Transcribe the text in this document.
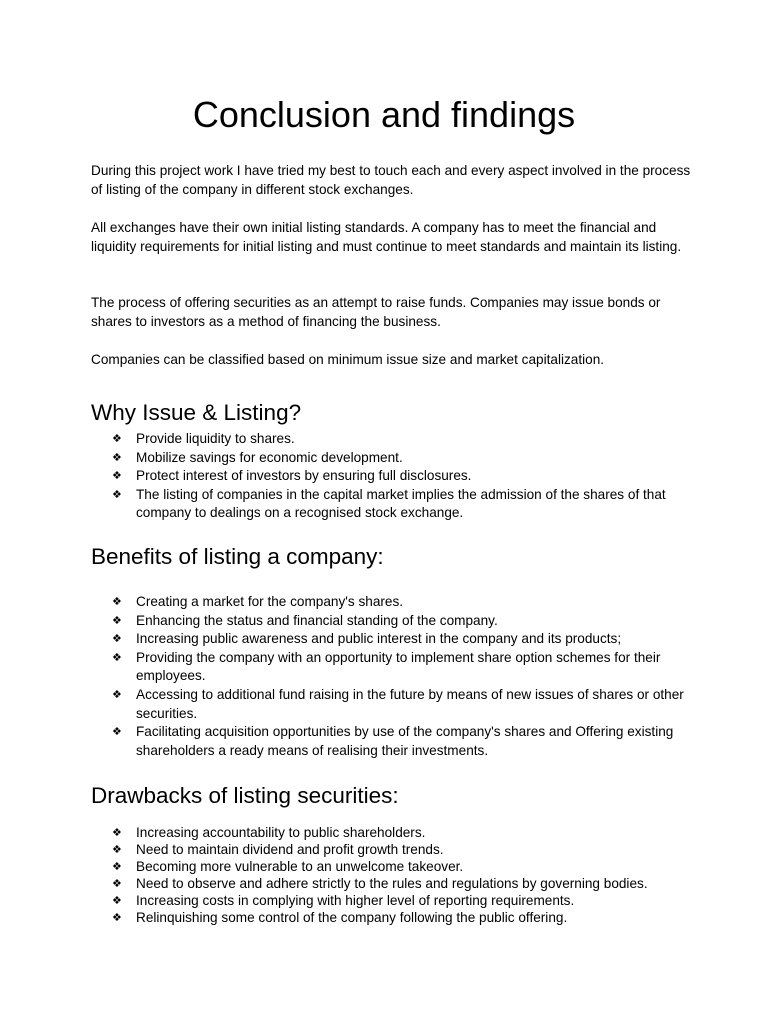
Conclusion and findings

During this project work I have tried my best to touch each and every aspect involved in the process of listing of the company in different stock exchanges.

All exchanges have their own initial listing standards. A company has to meet the financial and liquidity requirements for initial listing and must continue to meet standards and maintain its listing.

The process of offering securities as an attempt to raise funds. Companies may issue bonds or shares to investors as a method of financing the business.

Companies can be classified based on minimum issue size and market capitalization.

Why Issue & Listing?
❖ Provide liquidity to shares.
❖ Mobilize savings for economic development.
❖ Protect interest of investors by ensuring full disclosures.
❖ The listing of companies in the capital market implies the admission of the shares of that company to dealings on a recognised stock exchange.
Benefits of listing a company:
❖ Creating a market for the company's shares.
❖ Enhancing the status and financial standing of the company.
❖ Increasing public awareness and public interest in the company and its products;
❖ Providing the company with an opportunity to implement share option schemes for their employees.
❖ Accessing to additional fund raising in the future by means of new issues of shares or other securities.
❖ Facilitating acquisition opportunities by use of the company's shares and Offering existing shareholders a ready means of realising their investments.
Drawbacks of listing securities:
❖ Increasing accountability to public shareholders.
❖ Need to maintain dividend and profit growth trends.
❖ Becoming more vulnerable to an unwelcome takeover.
❖ Need to observe and adhere strictly to the rules and regulations by governing bodies.
❖ Increasing costs in complying with higher level of reporting requirements.
❖ Relinquishing some control of the company following the public offering.
